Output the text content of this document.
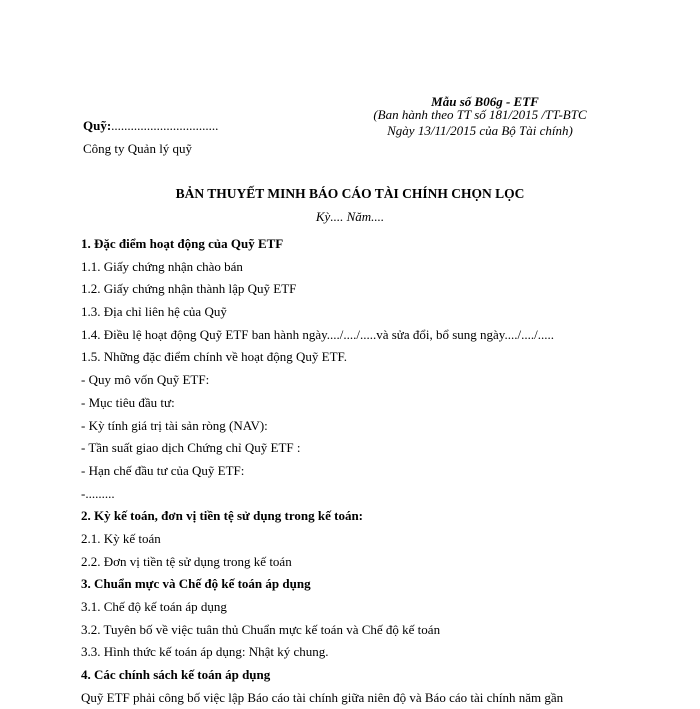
Mẫu số B06g - ETF
(Ban hành theo TT số 181/2015 /TT-BTC
Ngày 13/11/2015 của Bộ Tài chính)
Quỹ:.................................
Công ty Quản lý quỹ
BẢN THUYẾT MINH BÁO CÁO TÀI CHÍNH CHỌN LỌC
Kỳ.... Năm....
1. Đặc điểm hoạt động của Quỹ ETF
1.1. Giấy chứng nhận chào bán
1.2. Giấy chứng nhận thành lập Quỹ ETF
1.3. Địa chỉ liên hệ của Quỹ
1.4. Điều lệ hoạt động Quỹ ETF ban hành ngày..../..../.....và sửa đổi, bổ sung ngày..../..../.....
1.5. Những đặc điểm chính về hoạt động Quỹ ETF.
- Quy mô vốn Quỹ ETF:
- Mục tiêu đầu tư:
- Kỳ tính giá trị tài sản ròng (NAV):
- Tần suất giao dịch Chứng chỉ Quỹ ETF :
- Hạn chế đầu tư của Quỹ ETF:
-.........
2. Kỳ kế toán, đơn vị tiền tệ sử dụng trong kế toán:
2.1. Kỳ kế toán
2.2. Đơn vị tiền tệ sử dụng trong kế toán
3. Chuẩn mực và Chế độ kế toán áp dụng
3.1. Chế độ kế toán áp dụng
3.2. Tuyên bố về việc tuân thủ Chuẩn mực kế toán và Chế độ kế toán
3.3. Hình thức kế toán áp dụng: Nhật ký chung.
4. Các chính sách kế toán áp dụng
Quỹ ETF phải công bố việc lập Báo cáo tài chính giữa niên độ và Báo cáo tài chính năm gần
